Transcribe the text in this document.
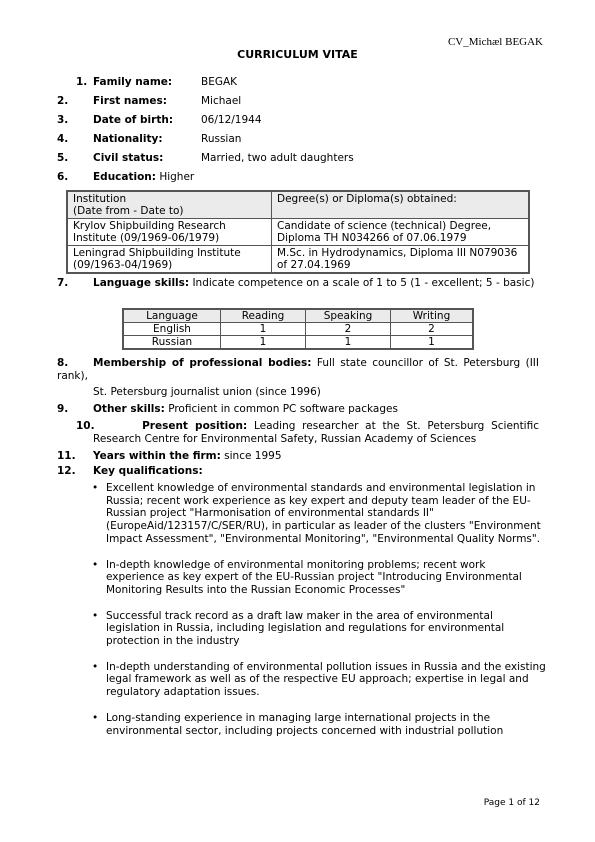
CV_Michæl BEGAK
CURRICULUM VITAE
1. Family name:	BEGAK
2. First names:	Michael
3. Date of birth:	06/12/1944
4. Nationality:	Russian
5. Civil status:	Married, two adult daughters
6. Education: Higher
Institution
(Date from - Date to)	Degree(s) or Diploma(s) obtained:
Krylov Shipbuilding Research Institute (09/1969-06/1979)	Candidate of science (technical) Degree, Diploma TH N034266 of 07.06.1979
Leningrad Shipbuilding Institute (09/1963-04/1969)	M.Sc. in Hydrodynamics, Diploma III N079036 of 27.04.1969
7. Language skills: Indicate competence on a scale of 1 to 5 (1 - excellent; 5 - basic)
Language	Reading	Speaking	Writing
English	1	2	2
Russian	1	1	1
8. Membership of professional bodies: Full state councillor of St. Petersburg (III rank),
St. Petersburg journalist union (since 1996)
9. Other skills: Proficient in common PC software packages
10.	Present position: Leading researcher at the St. Petersburg Scientific
Research Centre for Environmental Safety, Russian Academy of Sciences
11. Years within the firm: since 1995
12. Key qualifications:
• Excellent knowledge of environmental standards and environmental legislation in Russia; recent work experience as key expert and deputy team leader of the EU-Russian project "Harmonisation of environmental standards II" (EuropeAid/123157/C/SER/RU), in particular as leader of the clusters "Environment Impact Assessment", "Environmental Monitoring", "Environmental Quality Norms".
• In-depth knowledge of environmental monitoring problems; recent work experience as key expert of the EU-Russian project "Introducing Environmental Monitoring Results into the Russian Economic Processes"
• Successful track record as a draft law maker in the area of environmental legislation in Russia, including legislation and regulations for environmental protection in the industry
• In-depth understanding of environmental pollution issues in Russia and the existing legal framework as well as of the respective EU approach; expertise in legal and regulatory adaptation issues.
• Long-standing experience in managing large international projects in the environmental sector, including projects concerned with industrial pollution
Page 1 of 12
